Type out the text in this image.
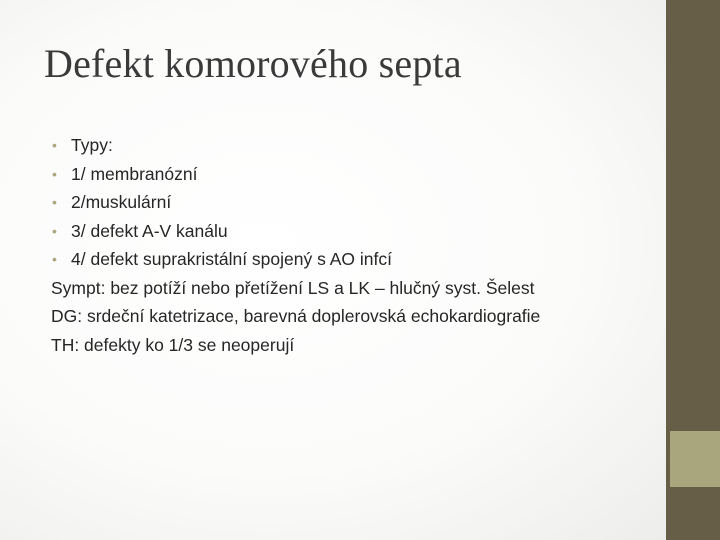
Defekt komorového septa
• Typy:
• 1/ membranózní
• 2/muskulární
• 3/ defekt A-V kanálu
• 4/ defekt suprakristální spojený s AO infcí
Sympt: bez potíží nebo přetížení LS a LK – hlučný syst. Šelest
DG: srdeční katetrizace, barevná doplerovská echokardiografie
TH: defekty ko 1/3 se neoperují
